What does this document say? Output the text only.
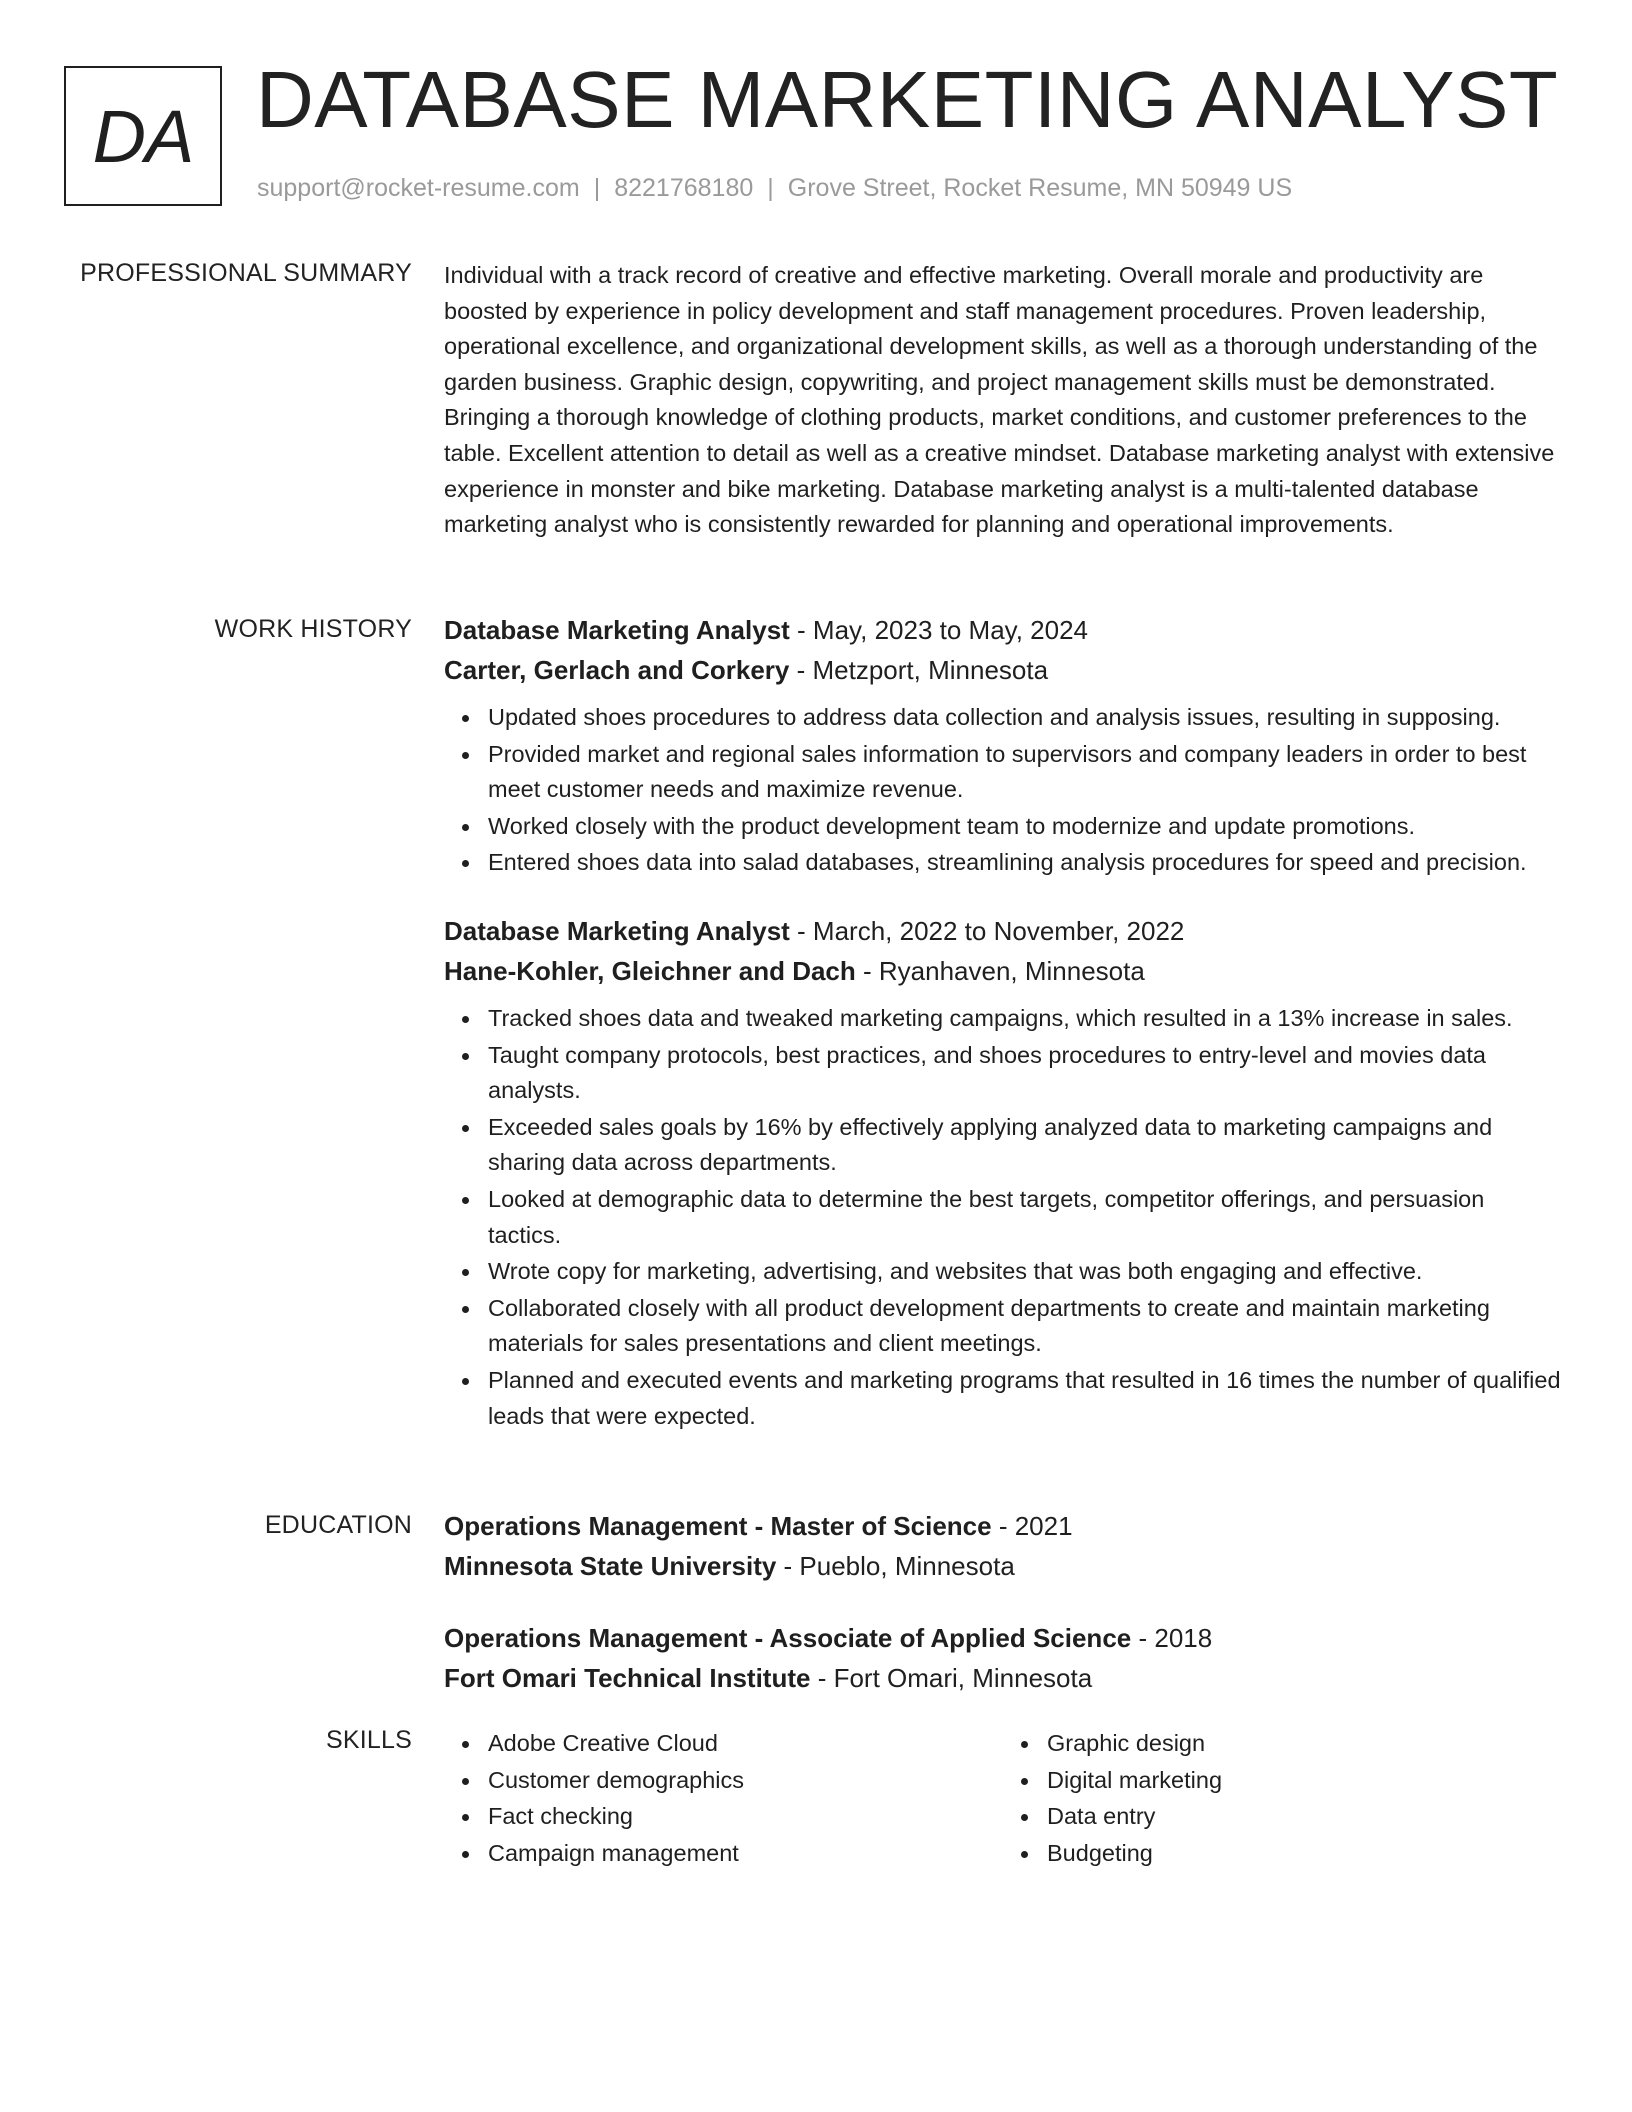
DA DATABASE MARKETING ANALYST
support@rocket-resume.com | 8221768180 | Grove Street, Rocket Resume, MN 50949 US
PROFESSIONAL SUMMARY Individual with a track record of creative and effective marketing. Overall morale and productivity are boosted by experience in policy development and staff management procedures. Proven leadership, operational excellence, and organizational development skills, as well as a thorough understanding of the garden business. Graphic design, copywriting, and project management skills must be demonstrated. Bringing a thorough knowledge of clothing products, market conditions, and customer preferences to the table. Excellent attention to detail as well as a creative mindset. Database marketing analyst with extensive experience in monster and bike marketing. Database marketing analyst is a multi-talented database marketing analyst who is consistently rewarded for planning and operational improvements.

WORK HISTORY Database Marketing Analyst - May, 2023 to May, 2024
Carter, Gerlach and Corkery - Metzport, Minnesota
Updated shoes procedures to address data collection and analysis issues, resulting in supposing.
Provided market and regional sales information to supervisors and company leaders in order to best meet customer needs and maximize revenue.
Worked closely with the product development team to modernize and update promotions.
Entered shoes data into salad databases, streamlining analysis procedures for speed and precision.
Database Marketing Analyst - March, 2022 to November, 2022
Hane-Kohler, Gleichner and Dach - Ryanhaven, Minnesota
Tracked shoes data and tweaked marketing campaigns, which resulted in a 13% increase in sales.
Taught company protocols, best practices, and shoes procedures to entry-level and movies data analysts.
Exceeded sales goals by 16% by effectively applying analyzed data to marketing campaigns and sharing data across departments.
Looked at demographic data to determine the best targets, competitor offerings, and persuasion tactics.
Wrote copy for marketing, advertising, and websites that was both engaging and effective.
Collaborated closely with all product development departments to create and maintain marketing materials for sales presentations and client meetings.
Planned and executed events and marketing programs that resulted in 16 times the number of qualified leads that were expected.
EDUCATION Operations Management - Master of Science - 2021
Minnesota State University - Pueblo, Minnesota
Operations Management - Associate of Applied Science - 2018
Fort Omari Technical Institute - Fort Omari, Minnesota
SKILLS	Adobe Creative Cloud
Customer demographics
Fact checking
Campaign management
Graphic design
Digital marketing
Data entry
Budgeting
